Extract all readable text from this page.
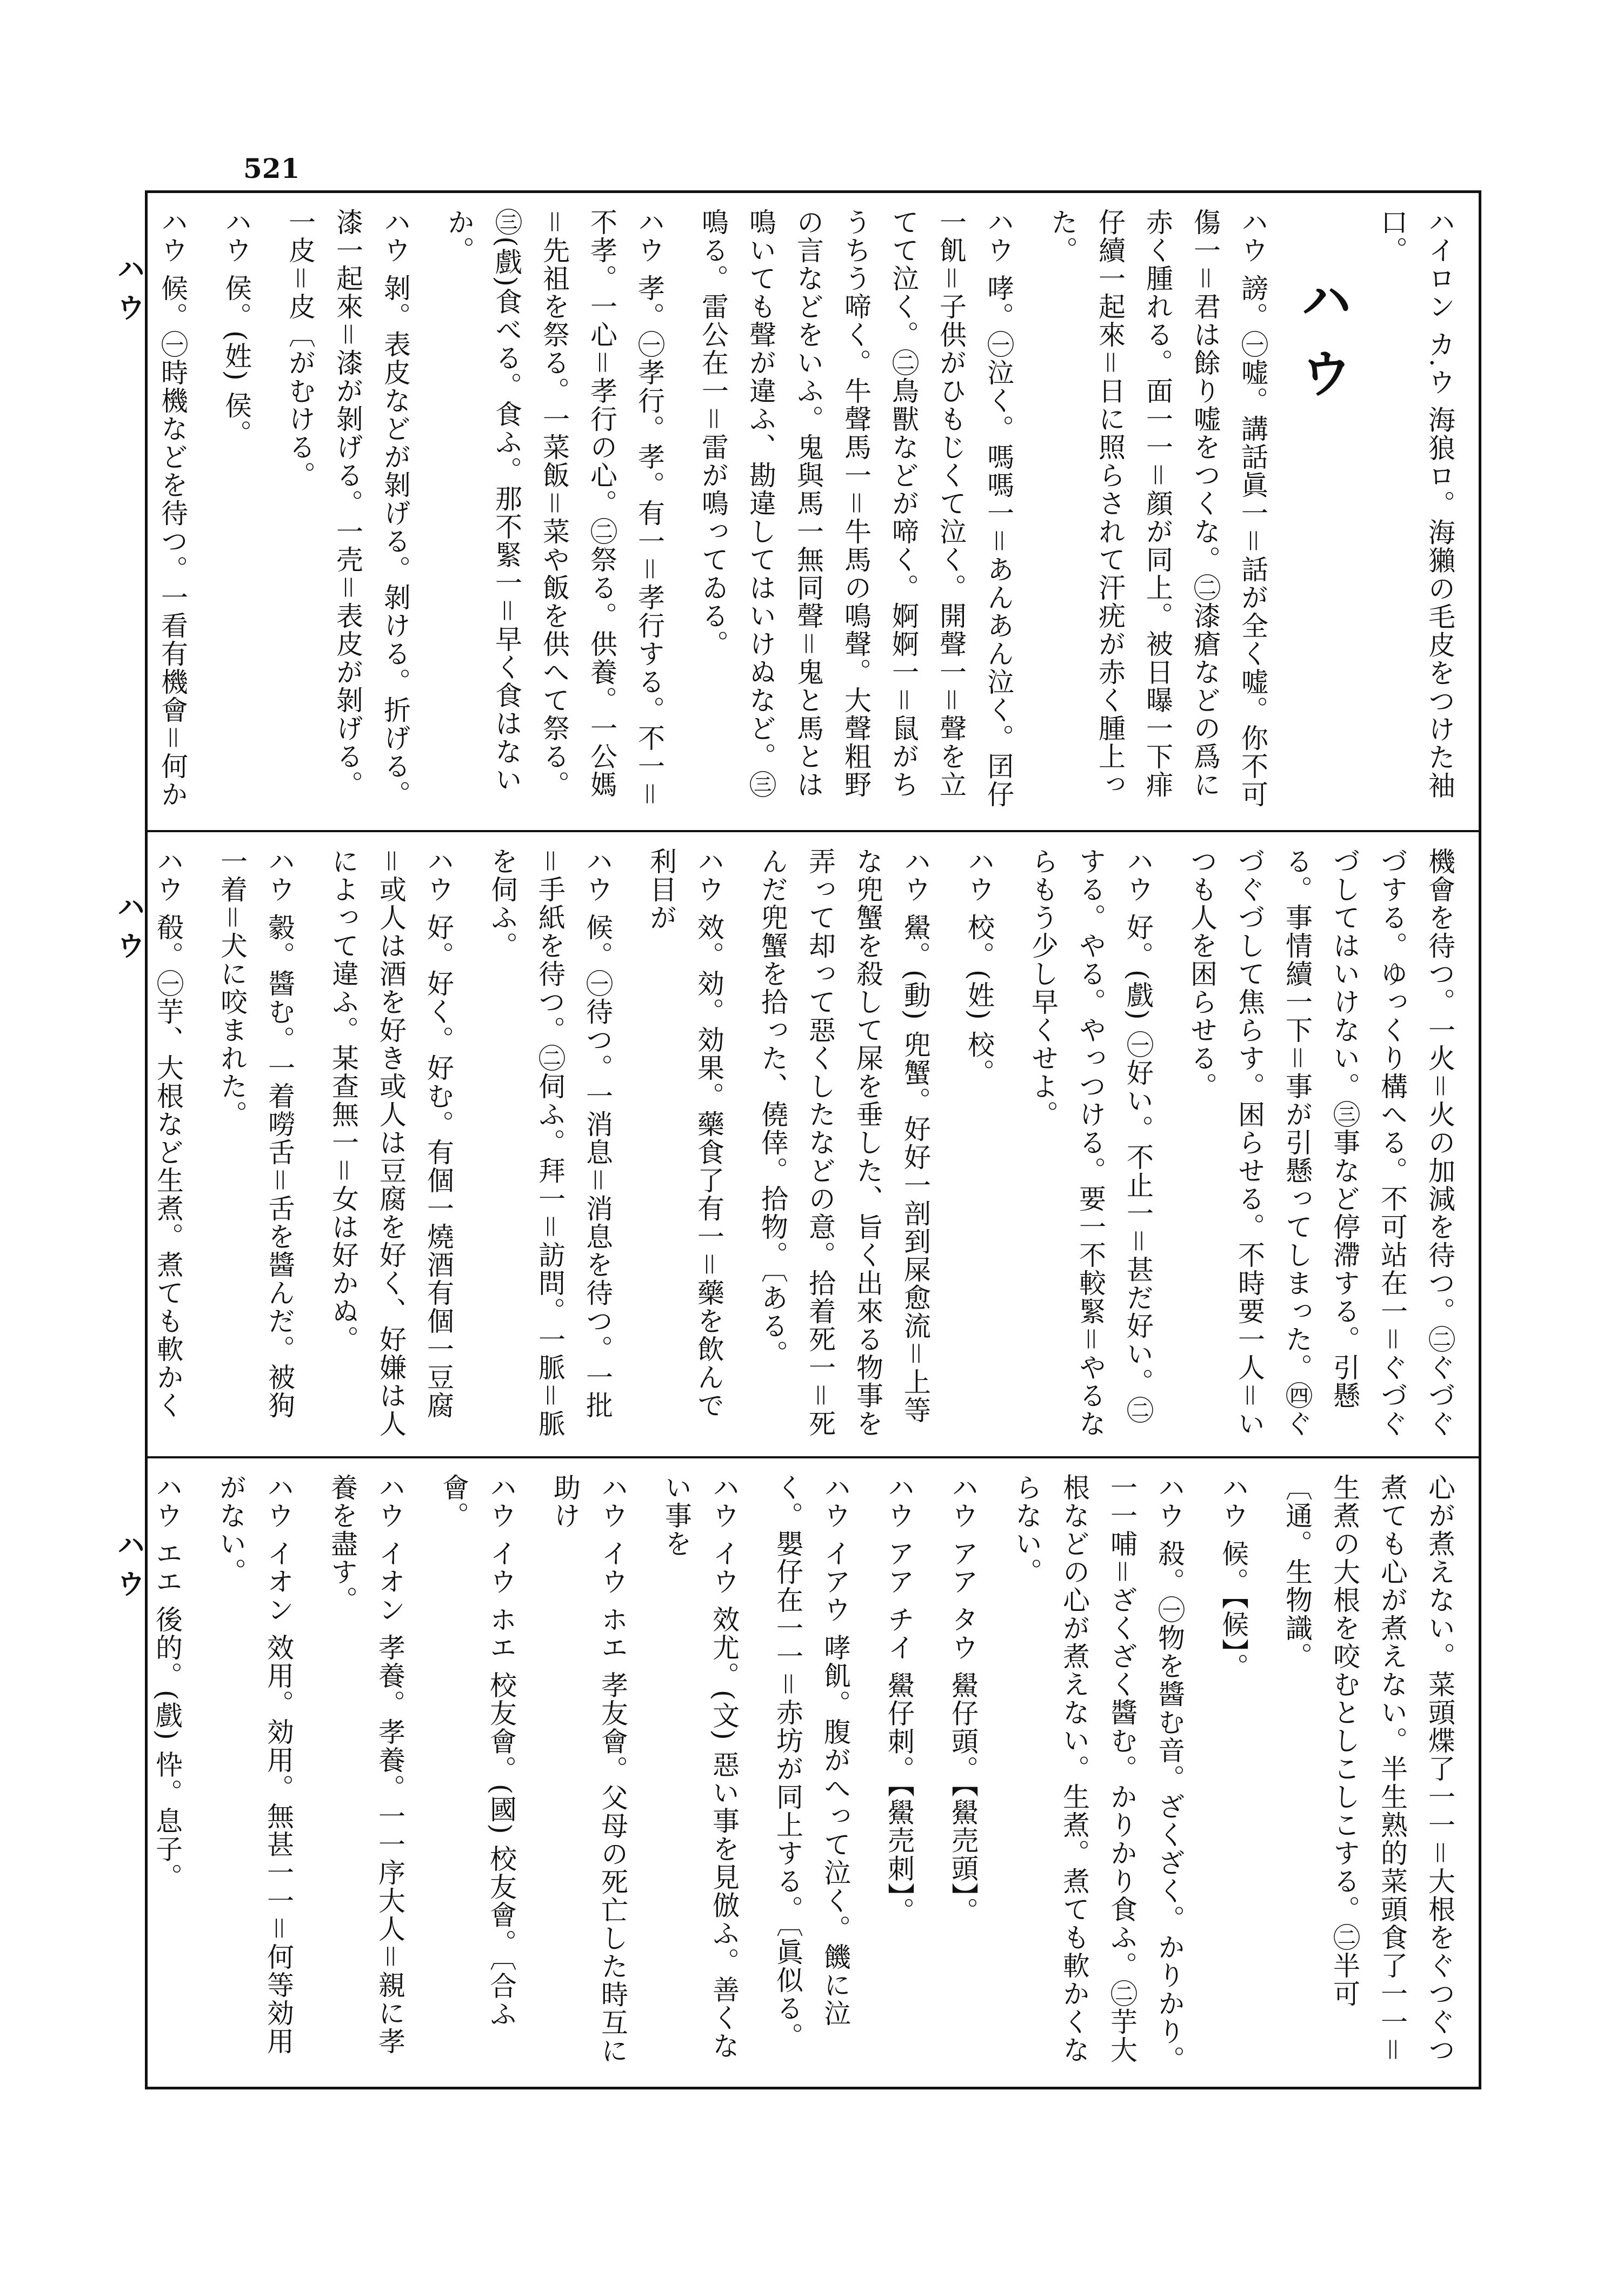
521
ハウ
ハウ
ハウ
ハイロン カ.ウ 海狼ロ。海獺の毛皮をつけた袖口。
ハウ
ハウ 謗。㊀嘘。講話眞一＝話が全く嘘。你不可傷一＝君は餘り嘘をつくな。㊁漆瘡などの爲に赤く腫れる。面一一＝顔が同上。被日曝一下痱仔續一起來＝日に照らされて汗疣が赤く腫上った。
ハウ 哮。㊀泣く。嗎嗎一＝あんあん泣く。囝仔一飢＝子供がひもじくて泣く。開聲一＝聲を立てて泣く。㊁鳥獸などが啼く。婀婀一＝鼠がちうちう啼く。牛聲馬一＝牛馬の鳴聲。大聲粗野の言などをいふ。鬼與馬一無同聲＝鬼と馬とは鳴いても聲が違ふ、勘違してはいけぬなど。㊂鳴る。雷公在一＝雷が鳴ってゐる。
ハウ 孝。㊀孝行。孝。有一＝孝行する。不一＝不孝。一心＝孝行の心。㊁祭る。供養。一公媽＝先祖を祭る。一菜飯＝菜や飯を供へて祭る。㊂(戲)食べる。食ふ。那不緊一＝早く食はないか。
ハウ 剝。表皮などが剝げる。剝ける。折げる。漆一起來＝漆が剝げる。一壳＝表皮が剝げる。一皮＝皮〔がむける。
ハウ 侯。(姓) 侯。
ハウ 候。㊀時機などを待つ。一看有機會＝何か
機會を待つ。一火＝火の加減を待つ。㊁ぐづぐづする。ゆっくり構へる。不可站在一＝ぐづぐづしてはいけない。㊂事など停滯する。引懸る。事情續一下＝事が引懸ってしまった。㊃ぐづぐづして焦らす。困らせる。不時要一人＝いつも人を困らせる。
ハウ 好。(戲) ㊀好い。不止一＝甚だ好い。㊁する。やる。やっつける。要一不較緊＝やるならもう少し早くせよ。
ハウ 校。(姓) 校。
ハウ 鱟。(動) 兜蟹。好好一剖到屎愈流＝上等な兜蟹を殺して屎を垂した、旨く出來る物事を弄って却って惡くしたなどの意。拾着死一＝死んだ兜蟹を拾った、僥倖。拾物。〔ある。
ハウ 效。効。効果。藥食了有一＝藥を飲んで利目が
ハウ 候。㊀待つ。一消息＝消息を待つ。一批＝手紙を待つ。㊁伺ふ。拜一＝訪問。一脈＝脈を伺ふ。
ハウ 好。好く。好む。有個一燒酒有個一豆腐＝或人は酒を好き或人は豆腐を好く、好嫌は人によって違ふ。某查無一＝女は好かぬ。
ハウ 豰。醬む。一着嘮舌＝舌を醬んだ。被狗一着＝犬に咬まれた。
ハウ 殽。㊀芋、大根など生煮。煮ても軟かく
心が煮えない。菜頭煠了一一＝大根をぐつぐつ煮ても心が煮えない。半生熟的菜頭食了一一＝生煮の大根を咬むとしこしこする。㊁半可〔通。生物識。
ハウ 候。【候】。
ハウ 殺。㊀物を醬む音。ざくざく。かりかり。一一哺＝ざくざく醬む。かりかり食ふ。㊁芋大根などの心が煮えない。生煮。煮ても軟かくならない。
ハウ アア タウ 鱟仔頭。【鱟売頭】。
ハウ アア チイ 鱟仔刺。【鱟売刺】。
ハウ イアウ 哮飢。腹がへって泣く。饑に泣く。嬰仔在一一＝赤坊が同上する。〔眞似る。
ハウ イウ 效尤。(文) 惡い事を見倣ふ。善くない事を
ハウ イウ ホエ 孝友會。父母の死亡した時互に助け
ハウ イウ ホエ 校友會。(國) 校友會。〔合ふ會。
ハウ イオン 孝養。孝養。一一序大人＝親に孝養を盡す。
ハウ イオン 效用。効用。無甚一一＝何等効用がない。
ハウ エエ 後的。(戲) 忰。息子。
